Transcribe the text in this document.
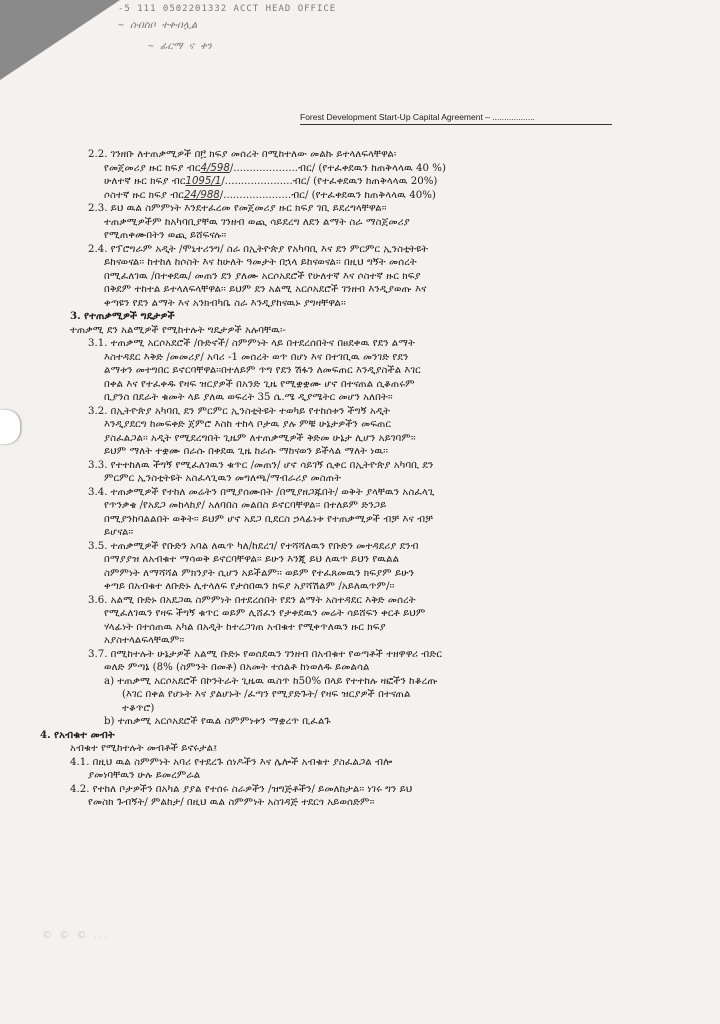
-5 111 0502201332 ACCT HEAD OFFICE
~ ሰብስቦ ተቀብሏል
~ ፊርማ ና ቀን
Forest Development Start-Up Capital Agreement – ..................
2.2. ገንዘቡ ለተጠቃሚዎች በ፫ ክፍያ መሰረት በሚከተለው መልኩ ይተላለፍላቸዋል፡
የመጀመሪያ ዙር ክፍያ ብር4/598/....................ብር/ (የተፈቀደዉን ከጠቅላላዉ 40 %)
ሁለተኛ ዙር ክፍያ ብር1095/1/.....................ብር/ (የተፈቀደዉን ከጠቅላላዉ 20%)
ሶስተኛ ዙር ክፍያ ብር24/988/.....................ብር/ (የተፈቀደዉን ከጠቅላላዉ 40%)
2.3. ይህ ዉል ስምምነት እንደተፈረመ የመጀመሪያ ዙር ክፍያ ገቢ ይደረግላቸዋል፡፡
ተጠቃሚዎችም ከአካባቢያቸዉ ገንዘብ ወጪ ሳይደረግ ለደን ልማት ስራ ማስጀመሪያ
የሚጠቀሙበትን ወጪ ይሸፍናሉ፡፡
2.4. የፕሮግራም አዲት /ሞኒተሪንግ/ ስራ በኢትዮጵያ የአካባቢ እና ደን ምርምር ኢንስቲትዩት
ይከናወናል፡፡ ከተከለ ከሶስት እና ከሁለት ዓመታት በኋላ ይከናወናል፡፡ በዚህ ግኝት መሰረት
በሚፈለገዉ /በተቀደዉ/ መጠን ደን ያለሙ አርሶአደሮች የሁለተኛ እና ሶስተኛ ዙር ክፍያ
በቅደም ተከተል ይተላለፍላቸዋል፡፡ ይህም ደን አልሚ አርሶአደሮች ገንዘብ እንዲያወጡ እና
ቀጣዩን የደን ልማት እና አንክብካቤ ስራ እንዲያከናዉኑ ያግዛቸዋል፡፡
3. የተጠቃሚዎች ግዴታዎች
ተጠቃሚ ደን አልሚዎች የሚከተሉት ግዴታዎች አሉባቸዉ፡-
3.1. ተጠቃሚ አርሶአደሮች /ቡድኖች/ ስምምነት ላይ በተደረሰበትና በፀደቀዉ የደን ልማት
እስተዳደር እቅድ /መመሪያ/ አባሪ -1 መሰረት ወጥ በሆነ እና በተገቢዉ መንገድ የደን
ልማቱን መተግበር ይኖርባቸዋል፡፡በተለይም ጥግ የደን ሽፋን ለመፍጠር እንዲያስችል እገር
በቀል እና የተፈቀዱ የዛፍ ዝርያዎች በአንድ ጊዜ የሚቋቋሙ ሆኖ በተናጠል ሲቆጠሩም
ቢያንስ በደራት ቁመት ላይ ያለዉ ወፍረት 35 ሴ.ሜ ዲያሜትር መሆን አለበት፡፡
3.2. በኢትዮጵያ አካባቢ ደን ምርምር ኢንስቲትዩት ተወካይ የተከሰቱን ችግኝ አዲት
እንዲያደርግ ከመፍቀድ ጀምሮ እስከ ተከላ ቦታዉ ያሉ ምቹ ሁኔታዎችን መፍጠር
ያስፈልጋል፡፡ አዲት የሚደረግበት ጊዜም ለተጠቃሚዎች ቅድመ ሁኔታ ሊሆን አይገባም፡፡
ይህም ማለት ተቋሙ በራሱ በቀደዉ ጊዜ ከራሱ ማከናወን ይችላል ማለት ነዉ፡፡
3.3. የተተከለዉ ችግኝ የሚፈለገዉን ቁጥር /መጠን/ ሆኖ ሳይገኝ ሲቀር በኢትዮጵያ አካባቢ ደን
ምርምር ኢንስቲትዩት አስፈላጊዉን መግለጫ/ማብራሪያ መስጠት
3.4. ተጠቃሚዎች የተከለ መሬትን በሚያሰሙበት /በሚያዘጋጁበት/ ወቅት ያላቸዉን አስፈላጊ
የጥንቃቄ /የአደጋ መከላከያ/ አለባበስ መልበስ ይኖርባቸዋል፡፡ በተለይም ድንጋይ
በሚያንከባልልበት ወቅት፡፡ ይህም ሆኖ አደጋ ቢደርስ ኃላፊነቱ የተጠቃሚዎች ብቻ እና ብቻ
ይሆናል፡፡
3.5. ተጠቃሚዎች የቡድን አባል ለዉጥ ካለ/ከደረገ/ የተሻሻለዉን የቡድን መተዳደሪያ ደንብ
በማያያዝ ለአብቁተ ማሳወቅ ይኖርባቸዋል፡፡ ይሁን እንጂ ይህ ለዉጥ ይህን የዉልል
ስምምነት ለማሻሻል ምክንያት ሲሆን አይችልም፡፡ ወይም የተፈጸመዉን ክፍያም ይሁን
ቀጣይ በአብቁተ ለቡድኑ ሊተላለፍ የታሰበዉን ክፍያ አያሻሽልም /አይለዉጥም/፡፡
3.6. አልሚ ቡድኑ በአደጋዉ ስምምነት በተደረሰበት የደን ልማት አስተዳደር እቅድ መሰረት
የሚፈለገዉን የዛፍ ችግኝ ቁጥር ወይም ሊሸፈን የታቀደዉን መሬት ሳይሸፍን ቀርቶ ይህም
ሃላፊነት በተሰጠዉ አካል በአዲት ከተረጋገጠ አብቁተ የሚቀጥለዉን ዙር ክፍያ
አያስተላልፍላቸዉም፡፡
3.7. በሚከተሉት ሁኔታዎች አልሚ ቡድኑ የወሰደዉን ገንዘብ በአብቁተ የወጣቶች ተዘዋዋሪ ብድር
ወለድ ምጣኔ (8% (ስምንት በመቶ) በአመት ተሰልቶ ከነወለዱ ይመልሳል
a) ተጠቃሚ አርሶአደሮች በኮንትራት ጊዜዉ ዉስጥ ከ50% በላይ የተተከሉ ዛፎችን ከቆረጡ
(እገር በቀል የሆኑት እና ያልሆኑት /ፈጣን የሚያድጉት/ የዛፍ ዝርያዎች በተናጠል
ተቆጥሮ)
b) ተጠቃሚ አርሶአደሮች የዉል ስምምነቱን ማቋረጥ ቢፈልጉ
4. የአብቁተ መብት
አብቁተ የሚከተሉት መብቶች ይኖሩታል፤
4.1. በዚህ ዉል ስምምነት አባሪ የተደረጉ ሰነዶችን እና ሌሎች አብቁተ ያስፈልጋል ብሎ
ያመነባቸዉን ሁሉ ይመረምራል
4.2. የተከለ ቦታዎችን በአካል ያያል የተሰሩ ስራዎችን /ዝግጅቶችን/ ይመለከታል፡፡ ነገሩ ግን ይህ
የመስክ ጉብኝት/ ምልከታ/ በዚህ ዉል ስምምነት አስገዳጅ ተደርጎ አይወሰድም፡፡
© © © ...
